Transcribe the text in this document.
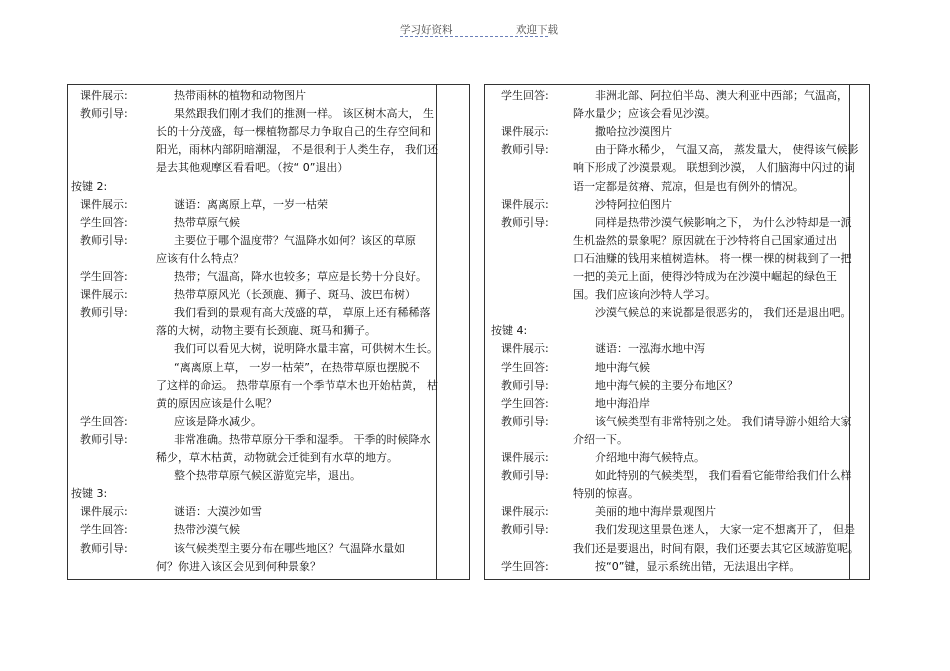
学习好资料	欢迎下载
课件展示:	热带雨林的植物和动物图片
教师引导:	果然跟我们刚才我们的推测一样。 该区树木高大， 生
长的十分茂盛，每一棵植物都尽力争取自己的生存空间和
阳光，雨林内部阴暗潮湿， 不是很利于人类生存， 我们还
是去其他观摩区看看吧。（按“ 0”退出）
按键 2:
课件展示:	谜语：离离原上草，一岁一枯荣
学生回答:	热带草原气候
教师引导:	主要位于哪个温度带？气温降水如何？该区的草原
应该有什么特点？
学生回答:	热带；气温高，降水也较多；草应是长势十分良好。
课件展示:	热带草原风光（长颈鹿、狮子、斑马、波巴布树）
教师引导:	我们看到的景观有高大茂盛的草， 草原上还有稀稀落
落的大树，动物主要有长颈鹿、斑马和狮子。
我们可以看见大树，说明降水量丰富，可供树木生长。
“离离原上草， 一岁一枯荣”，在热带草原也摆脱不
了这样的命运。 热带草原有一个季节草木也开始枯黄， 枯
黄的原因应该是什么呢？
学生回答:	应该是降水减少。
教师引导:	非常准确。热带草原分干季和湿季。 干季的时候降水
稀少，草木枯黄，动物就会迁徙到有水草的地方。
整个热带草原气候区游览完毕，退出。
按键 3:
课件展示:	谜语：大漠沙如雪
学生回答:	热带沙漠气候
教师引导:	该气候类型主要分布在哪些地区？气温降水量如
何？你进入该区会见到何种景象？
学生回答:	非洲北部、阿拉伯半岛、澳大利亚中西部；气温高，
降水量少；应该会看见沙漠。
课件展示:	撒哈拉沙漠图片
教师引导:	由于降水稀少， 气温又高， 蒸发量大， 使得该气候影
响下形成了沙漠景观。 联想到沙漠， 人们脑海中闪过的词
语一定都是贫瘠、荒凉，但是也有例外的情况。
课件展示:	沙特阿拉伯图片
教师引导:	同样是热带沙漠气候影响之下， 为什么沙特却是一派
生机盎然的景象呢？原因就在于沙特将自己国家通过出
口石油赚的钱用来植树造林。 将一棵一棵的树栽到了一把
一把的美元上面，使得沙特成为在沙漠中崛起的绿色王
国。我们应该向沙特人学习。
沙漠气候总的来说都是很恶劣的， 我们还是退出吧。
按键 4:
课件展示:	谜语：一泓海水地中泻
学生回答:	地中海气候
教师引导:	地中海气候的主要分布地区？
学生回答:	地中海沿岸
教师引导:	该气候类型有非常特别之处。 我们请导游小姐给大家
介绍一下。
课件展示:	介绍地中海气候特点。
教师引导:	如此特别的气候类型， 我们看看它能带给我们什么样
特别的惊喜。
课件展示:	美丽的地中海岸景观图片
教师引导:	我们发现这里景色迷人， 大家一定不想离开了， 但是
我们还是要退出，时间有限，我们还要去其它区域游览呢。
学生回答:	按“0”键，显示系统出错，无法退出字样。
